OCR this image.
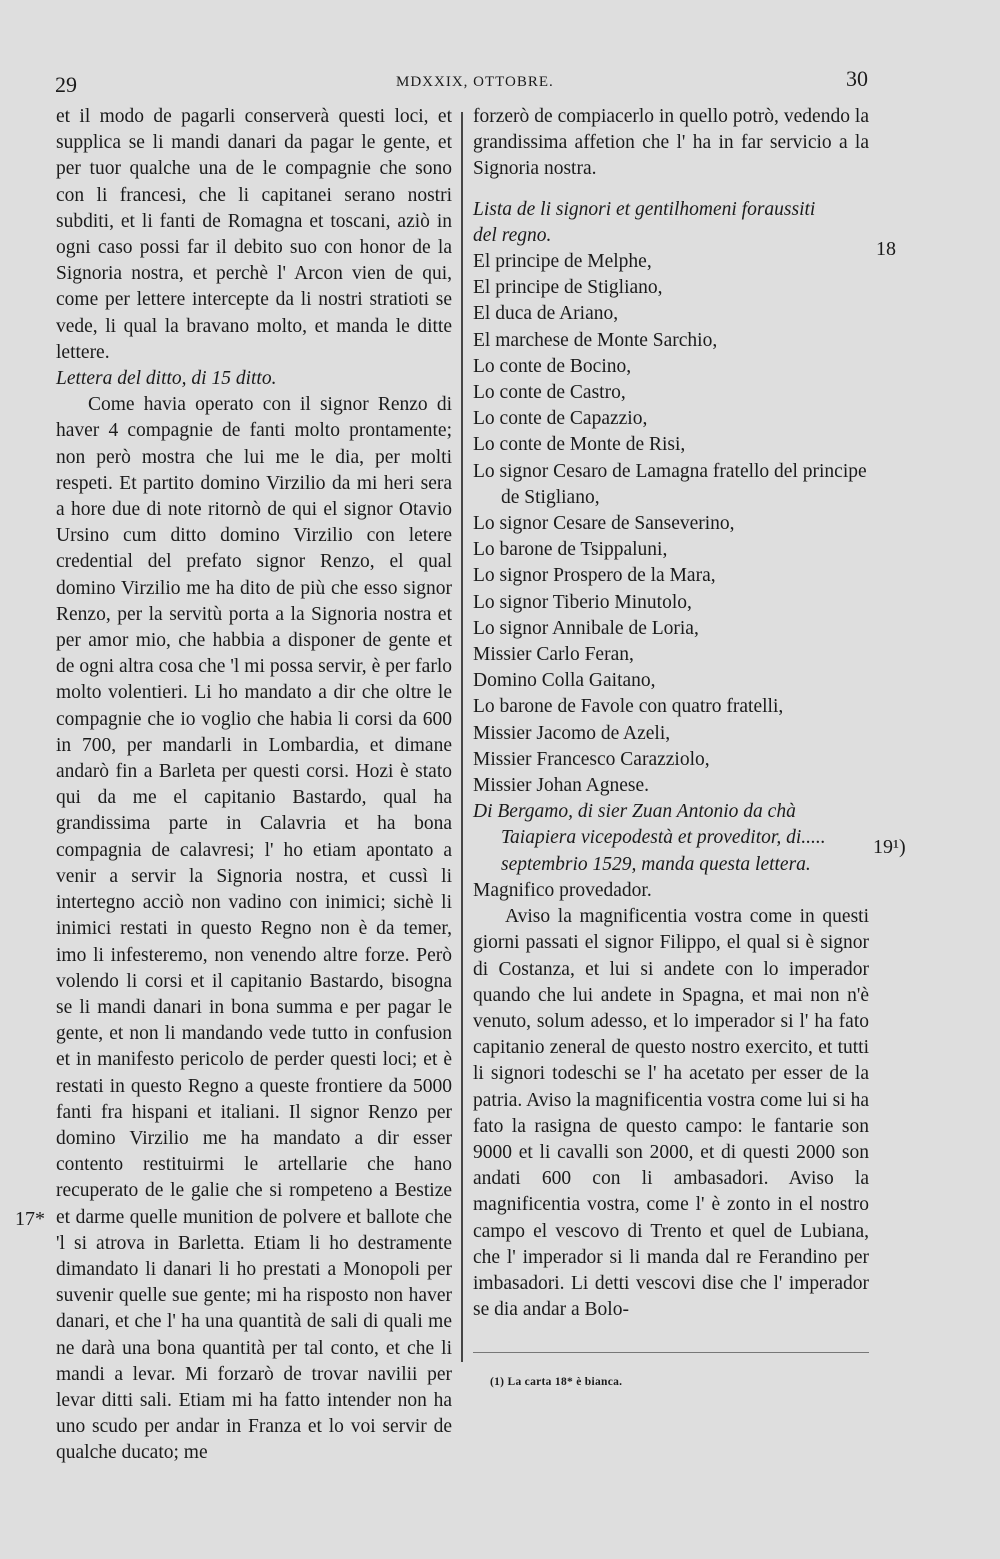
29	MDXXIX, OTTOBRE.	30

et il modo de pagarli conserverà questi loci, et supplica se li mandi danari da pagar le gente, et per tuor qualche una de le compagnie che sono con li francesi, che li capitanei serano nostri subditi, et li fanti de Romagna et toscani, aziò in ogni caso possi far il debito suo con honor de la Signoria nostra, et perchè l' Arcon vien de qui, come per lettere intercepte da li nostri stratioti se vede, li qual la bravano molto, et manda le ditte lettere.

Lettera del ditto, di 15 ditto.

Come havia operato con il signor Renzo di haver 4 compagnie de fanti molto prontamente; non però mostra che lui me le dia, per molti respeti. Et partito domino Virzilio da mi heri sera a hore due di note ritornò de qui el signor Otavio Ursino cum ditto domino Virzilio con letere credential del prefato signor Renzo, el qual domino Virzilio me ha dito de più che esso signor Renzo, per la servitù porta a la Signoria nostra et per amor mio, che habbia a disponer de gente et de ogni altra cosa che 'l mi possa servir, è per farlo molto volentieri. Li ho mandato a dir che oltre le compagnie che io voglio che habia li corsi da 600 in 700, per mandarli in Lombardia, et dimane andarò fin a Barleta per questi corsi. Hozi è stato qui da me el capitanio Bastardo, qual ha grandissima parte in Calavria et ha bona compagnia de calavresi; l' ho etiam apontato a venir a servir la Signoria nostra, et cussì li intertegno acciò non vadino con inimici; sichè li inimici restati in questo Regno non è da temer, imo li infesteremo, non venendo altre forze. Però volendo li corsi et il capitanio Bastardo, bisogna se li mandi danari in bona summa e per pagar le gente, et non li mandando vede tutto in confusion et in manifesto pericolo de perder questi loci; et è restati in questo Regno a queste frontiere da 5000 fanti fra hispani et italiani. Il signor Renzo per domino Virzilio me ha mandato a dir esser contento restituirmi le artellarie che hano recuperato de le galie che si rompeteno a Bestize et darme quelle munition de polvere et ballote che 'l si atrova in Barletta. Etiam li ho destramente dimandato li danari li ho prestati a Monopoli per suvenir quelle sue gente; mi ha risposto non haver danari, et che l' ha una quantità de sali di quali me ne darà una bona quantità per tal conto, et che li mandi a levar. Mi forzarò de trovar navilii per levar ditti sali. Etiam mi ha fatto intender non ha uno scudo per andar in Franza et lo voi servir de qualche ducato; me

forzerò de compiacerlo in quello potrò, vedendo la grandissima affetion che l' ha in far servicio a la Signoria nostra.

Lista de li signori et gentilhomeni foraussiti
del regno.

El principe de Melphe,
El principe de Stigliano,
El duca de Ariano,
El marchese de Monte Sarchio,
Lo conte de Bocino,
Lo conte de Castro,
Lo conte de Capazzio,
Lo conte de Monte de Risi,
Lo signor Cesaro de Lamagna fratello del principe
de Stigliano,
Lo signor Cesare de Sanseverino,
Lo barone de Tsippaluni,
Lo signor Prospero de la Mara,
Lo signor Tiberio Minutolo,
Lo signor Annibale de Loria,
Missier Carlo Feran,
Domino Colla Gaitano,
Lo barone de Favole con quatro fratelli,
Missier Jacomo de Azeli,
Missier Francesco Carazziolo,
Missier Johan Agnese.

Di Bergamo, di sier Zuan Antonio da chà
Taiapiera vicepodestà et proveditor, di.....
septembrio 1529, manda questa lettera.

Magnifico provedador.

Aviso la magnificentia vostra come in questi giorni passati el signor Filippo, el qual si è signor di Costanza, et lui si andete con lo imperador quando che lui andete in Spagna, et mai non n'è venuto, solum adesso, et lo imperador si l' ha fato capitanio zeneral de questo nostro exercito, et tutti li signori todeschi se l' ha acetato per esser de la patria. Aviso la magnificentia vostra come lui si ha fato la rasigna de questo campo: le fantarie son 9000 et li cavalli son 2000, et di questi 2000 son andati 600 con li ambasadori. Aviso la magnificentia vostra, come l' è zonto in el nostro campo el vescovo di Trento et quel de Lubiana, che l' imperador si li manda dal re Ferandino per imbasadori. Li detti vescovi dise che l' imperador se dia andar a Bolo-

(1) La carta 18* è bianca.
18
19¹)
17*
